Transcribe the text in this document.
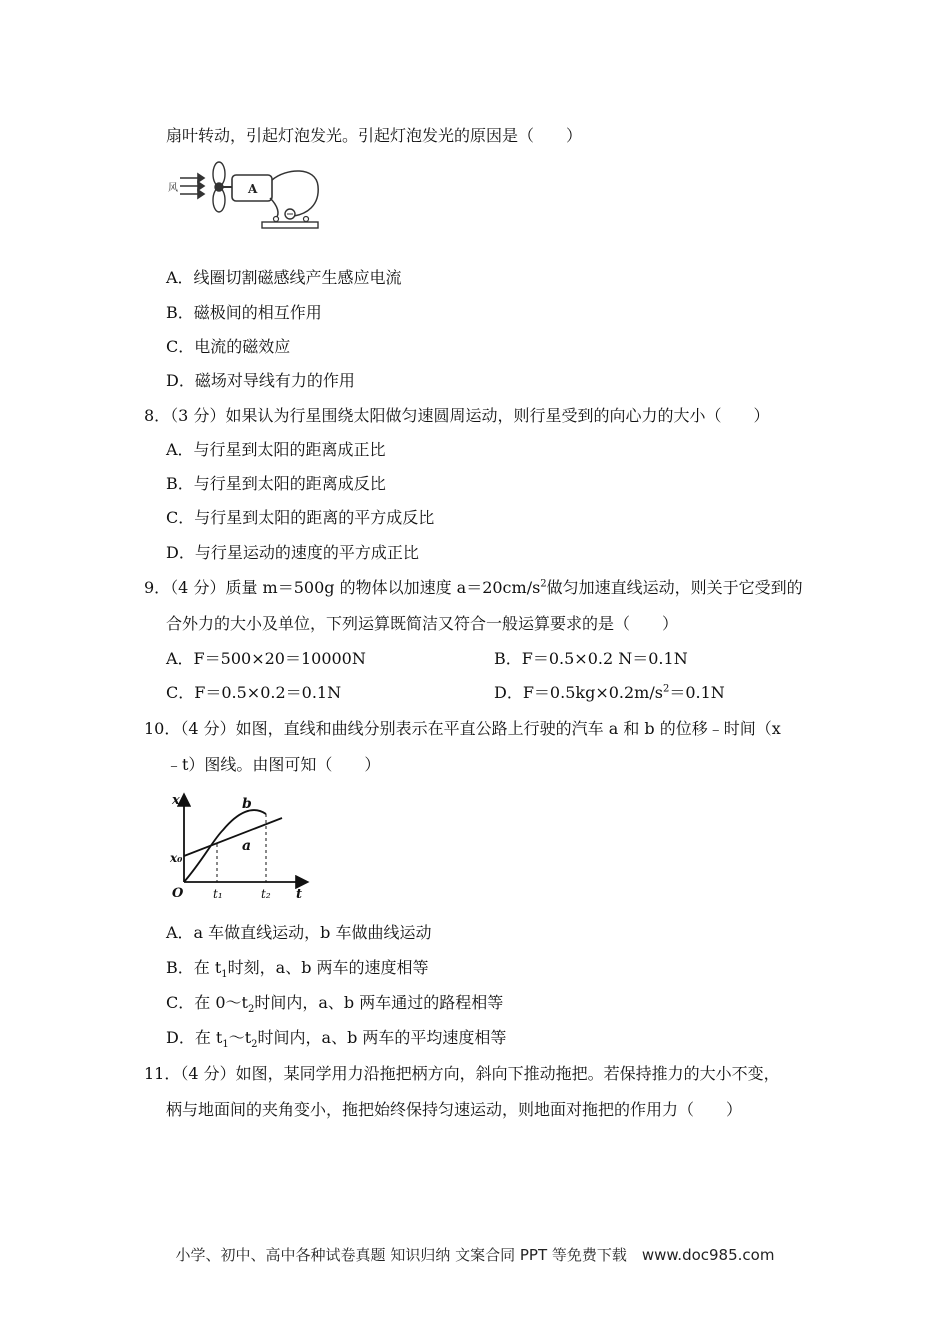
扇叶转动，引起灯泡发光。引起灯泡发光的原因是（　　）
风	A
A．线圈切割磁感线产生感应电流
B．磁极间的相互作用
C．电流的磁效应
D．磁场对导线有力的作用
8．（3 分）如果认为行星围绕太阳做匀速圆周运动，则行星受到的向心力的大小（　　）
A．与行星到太阳的距离成正比
B．与行星到太阳的距离成反比
C．与行星到太阳的距离的平方成反比
D．与行星运动的速度的平方成正比
9．（4 分）质量 m＝500g 的物体以加速度 $a=20cm/s^2$做匀加速直线运动，则关于它受到的
合外力的大小及单位，下列运算既简洁又符合一般运算要求的是（　　）
A．F＝500×20＝10000N	B．F＝0.5×0.2 N＝0.1N
C．F＝0.5×0.2＝0.1N	D．$F=0.5kg\times 0.2m/s^2=0.1N$
10．（4 分）如图，直线和曲线分别表示在平直公路上行驶的汽车 a 和 b 的位移﹣时间（x
﹣t）图线。由图可知（　　）
x
t
O
x₀
b
a
t₁	t₂
A．a 车做直线运动，b 车做曲线运动
B．在 $t_1$时刻，a、b 两车的速度相等
C．在 $0\sim t_2$时间内，a、b 两车通过的路程相等
D．在 $t_1\sim t_2$时间内，a、b 两车的平均速度相等
11．（4 分）如图，某同学用力沿拖把柄方向，斜向下推动拖把。若保持推力的大小不变，
柄与地面间的夹角变小，拖把始终保持匀速运动，则地面对拖把的作用力（　　）
小学、初中、高中各种试卷真题 知识归纳 文案合同 PPT 等免费下载　www.doc985.com
